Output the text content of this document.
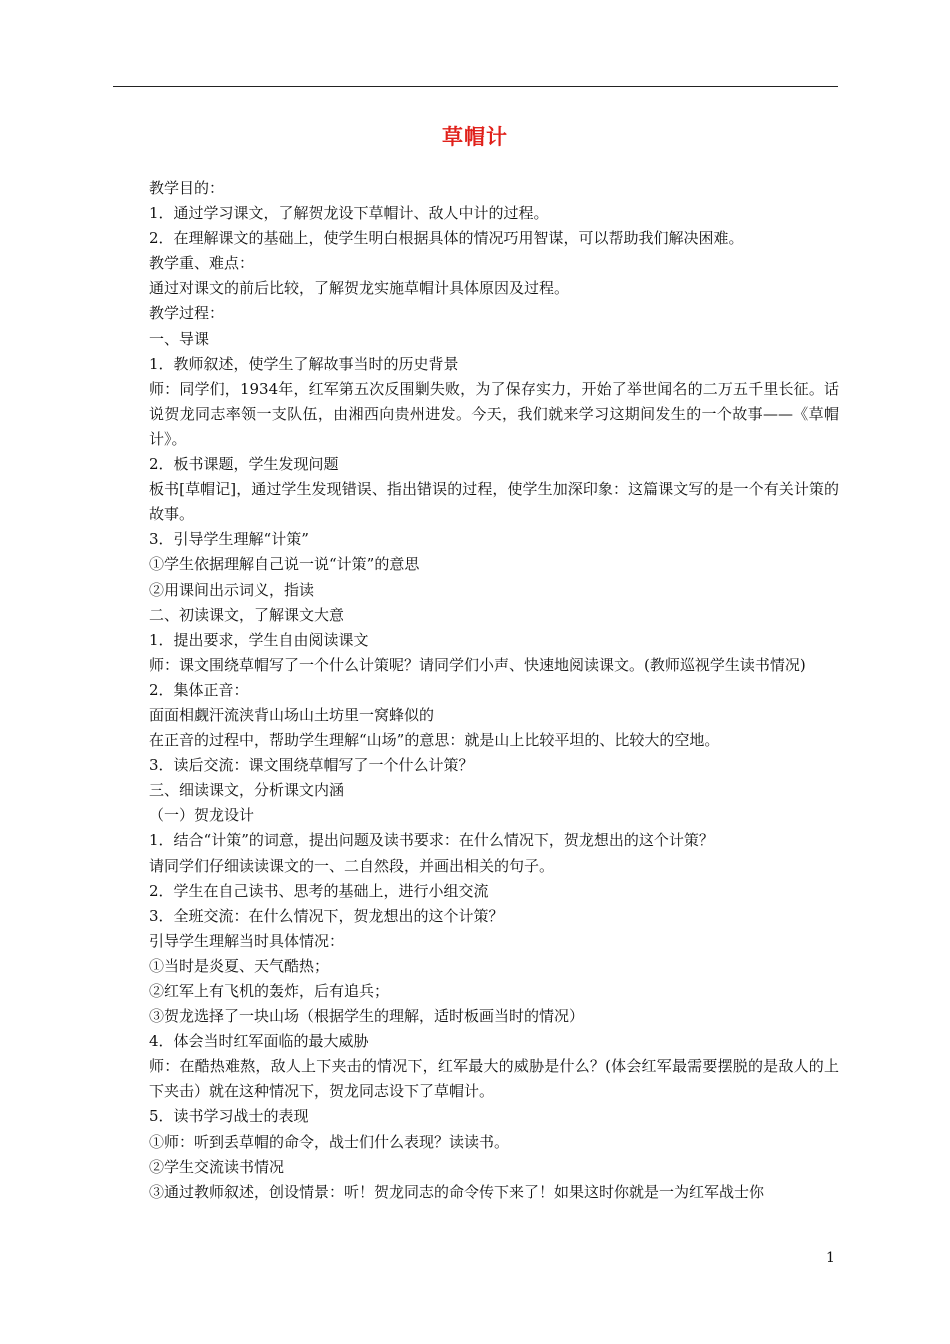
草帽计
教学目的：
1．通过学习课文，了解贺龙设下草帽计、敌人中计的过程。
2．在理解课文的基础上，使学生明白根据具体的情况巧用智谋，可以帮助我们解决困难。
教学重、难点：
通过对课文的前后比较，了解贺龙实施草帽计具体原因及过程。
教学过程：
一、导课
1．教师叙述，使学生了解故事当时的历史背景
师：同学们，1934年，红军第五次反围剿失败，为了保存实力，开始了举世闻名的二万五千里长征。话说贺龙同志率领一支队伍，由湘西向贵州进发。今天，我们就来学习这期间发生的一个故事——《草帽计》。
2．板书课题，学生发现问题
板书[草帽记]，通过学生发现错误、指出错误的过程，使学生加深印象：这篇课文写的是一个有关计策的故事。
3．引导学生理解“计策”
①学生依据理解自己说一说“计策”的意思
②用课间出示词义，指读
二、初读课文，了解课文大意
1．提出要求，学生自由阅读课文
师：课文围绕草帽写了一个什么计策呢？请同学们小声、快速地阅读课文。(教师巡视学生读书情况)
2．集体正音：
面面相觑汗流浃背山场山土坊里一窝蜂似的
在正音的过程中，帮助学生理解“山场”的意思：就是山上比较平坦的、比较大的空地。
3．读后交流：课文围绕草帽写了一个什么计策？
三、细读课文，分析课文内涵
（一）贺龙设计
1．结合“计策”的词意，提出问题及读书要求：在什么情况下，贺龙想出的这个计策？
请同学们仔细读读课文的一、二自然段，并画出相关的句子。
2．学生在自己读书、思考的基础上，进行小组交流
3．全班交流：在什么情况下，贺龙想出的这个计策？
引导学生理解当时具体情况：
①当时是炎夏、天气酷热；
②红军上有飞机的轰炸，后有追兵；
③贺龙选择了一块山场（根据学生的理解，适时板画当时的情况）
4．体会当时红军面临的最大威胁
师：在酷热难熬，敌人上下夹击的情况下，红军最大的威胁是什么？(体会红军最需要摆脱的是敌人的上下夹击）就在这种情况下，贺龙同志设下了草帽计。
5．读书学习战士的表现
①师：听到丢草帽的命令，战士们什么表现？读读书。
②学生交流读书情况
③通过教师叙述，创设情景：听！贺龙同志的命令传下来了！如果这时你就是一为红军战士你
1
